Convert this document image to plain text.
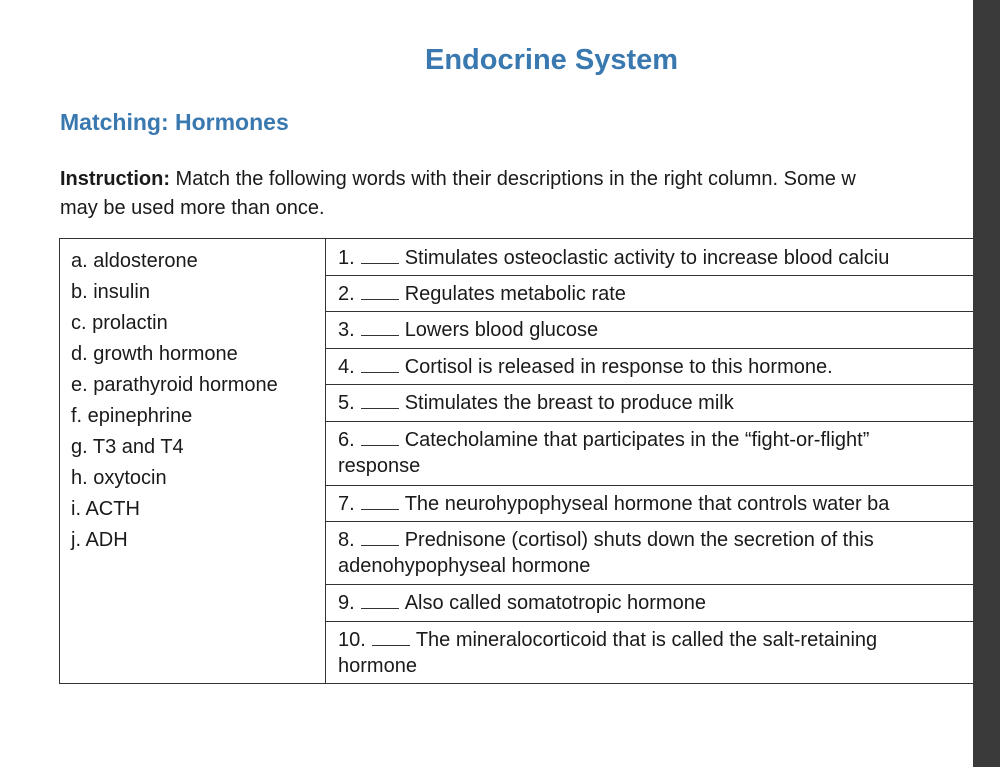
Endocrine System
Matching: Hormones
Instruction: Match the following words with their descriptions in the right column. Some w
may be used more than once.
a. aldosterone
b. insulin
c. prolactin
d. growth hormone
e. parathyroid hormone
f. epinephrine
g. T3 and T4
h. oxytocin
i. ACTH
j. ADH
1.	Stimulates osteoclastic activity to increase blood calciu
2.	Regulates metabolic rate
3.	Lowers blood glucose
4.	Cortisol is released in response to this hormone.
5.	Stimulates the breast to produce milk
6.	Catecholamine that participates in the “fight-or-flight”
response
7.	The neurohypophyseal hormone that controls water ba
8.	Prednisone (cortisol) shuts down the secretion of this
adenohypophyseal hormone
9.	Also called somatotropic hormone
10.	The mineralocorticoid that is called the salt-retaining
hormone
